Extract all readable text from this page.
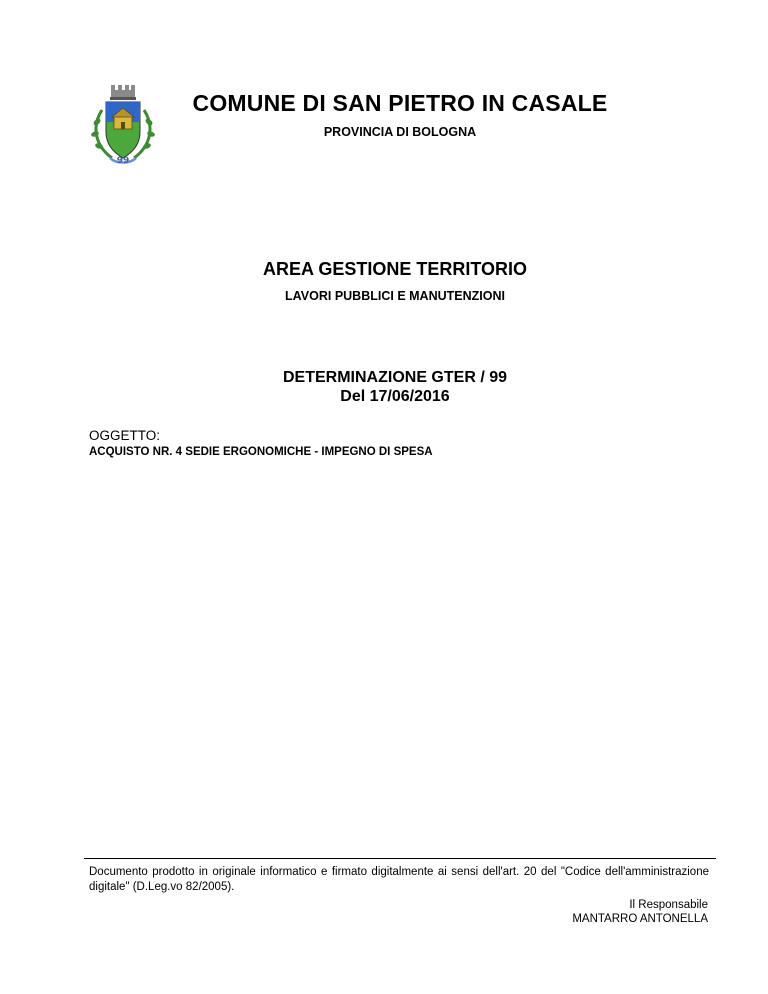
99
COMUNE DI SAN PIETRO IN CASALE
PROVINCIA DI BOLOGNA
AREA GESTIONE TERRITORIO
LAVORI PUBBLICI E MANUTENZIONI
DETERMINAZIONE GTER / 99
Del 17/06/2016
OGGETTO:
ACQUISTO NR. 4 SEDIE ERGONOMICHE - IMPEGNO DI SPESA
Documento prodotto in originale informatico e firmato digitalmente ai sensi dell'art. 20 del "Codice dell'amministrazione digitale" (D.Leg.vo 82/2005).
Il Responsabile
MANTARRO ANTONELLA
